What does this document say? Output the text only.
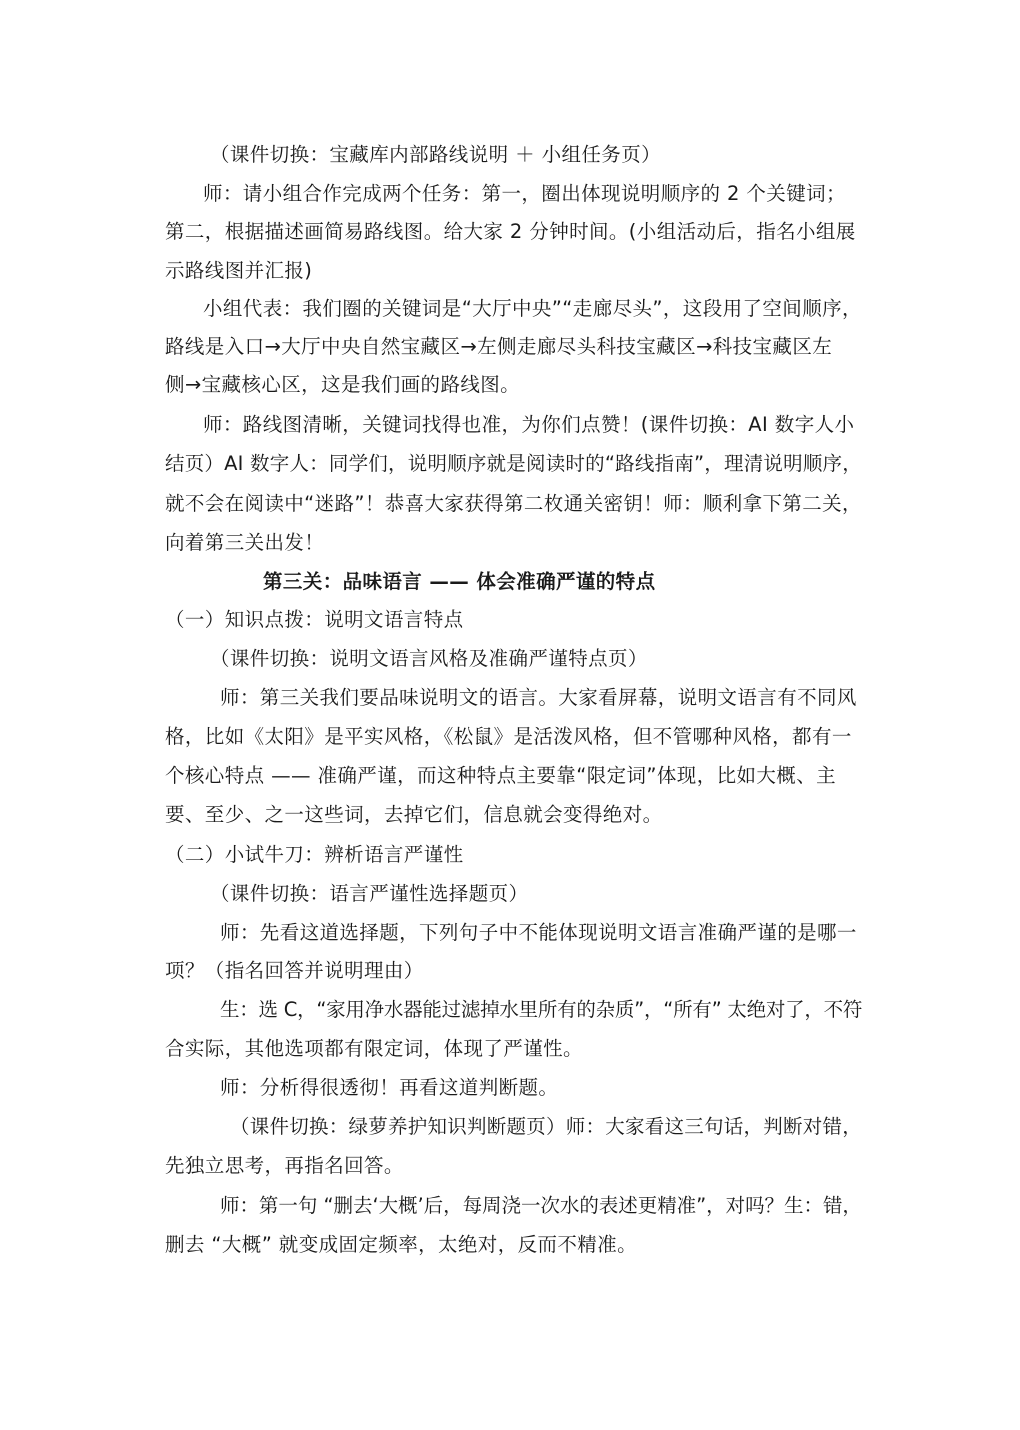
（课件切换：宝藏库内部路线说明 ＋ 小组任务页）
师：请小组合作完成两个任务：第一，圈出体现说明顺序的 2 个关键词；
第二，根据描述画简易路线图。给大家 2 分钟时间。(小组活动后，指名小组展
示路线图并汇报)
小组代表：我们圈的关键词是“大厅中央”“走廊尽头”，这段用了空间顺序，
路线是入口→大厅中央自然宝藏区→左侧走廊尽头科技宝藏区→科技宝藏区左
侧→宝藏核心区，这是我们画的路线图。
师：路线图清晰，关键词找得也准，为你们点赞！(课件切换：AI 数字人小
结页）AI 数字人：同学们，说明顺序就是阅读时的“路线指南”，理清说明顺序，
就不会在阅读中“迷路”！恭喜大家获得第二枚通关密钥！师：顺利拿下第二关，
向着第三关出发！
第三关：品味语言 —— 体会准确严谨的特点
（一）知识点拨：说明文语言特点
（课件切换：说明文语言风格及准确严谨特点页）
师：第三关我们要品味说明文的语言。大家看屏幕，说明文语言有不同风
格，比如《太阳》是平实风格，《松鼠》是活泼风格，但不管哪种风格，都有一
个核心特点 —— 准确严谨，而这种特点主要靠“限定词”体现，比如大概、主
要、至少、之一这些词，去掉它们，信息就会变得绝对。
（二）小试牛刀：辨析语言严谨性
（课件切换：语言严谨性选择题页）
师：先看这道选择题，下列句子中不能体现说明文语言准确严谨的是哪一
项？（指名回答并说明理由）
生：选 C，“家用净水器能过滤掉水里所有的杂质”，“所有” 太绝对了，不符
合实际，其他选项都有限定词，体现了严谨性。
师：分析得很透彻！再看这道判断题。
（课件切换：绿萝养护知识判断题页）师：大家看这三句话，判断对错，
先独立思考，再指名回答。
师：第一句 “删去‘大概’后，每周浇一次水的表述更精准”，对吗？生：错，
删去 “大概” 就变成固定频率，太绝对，反而不精准。
